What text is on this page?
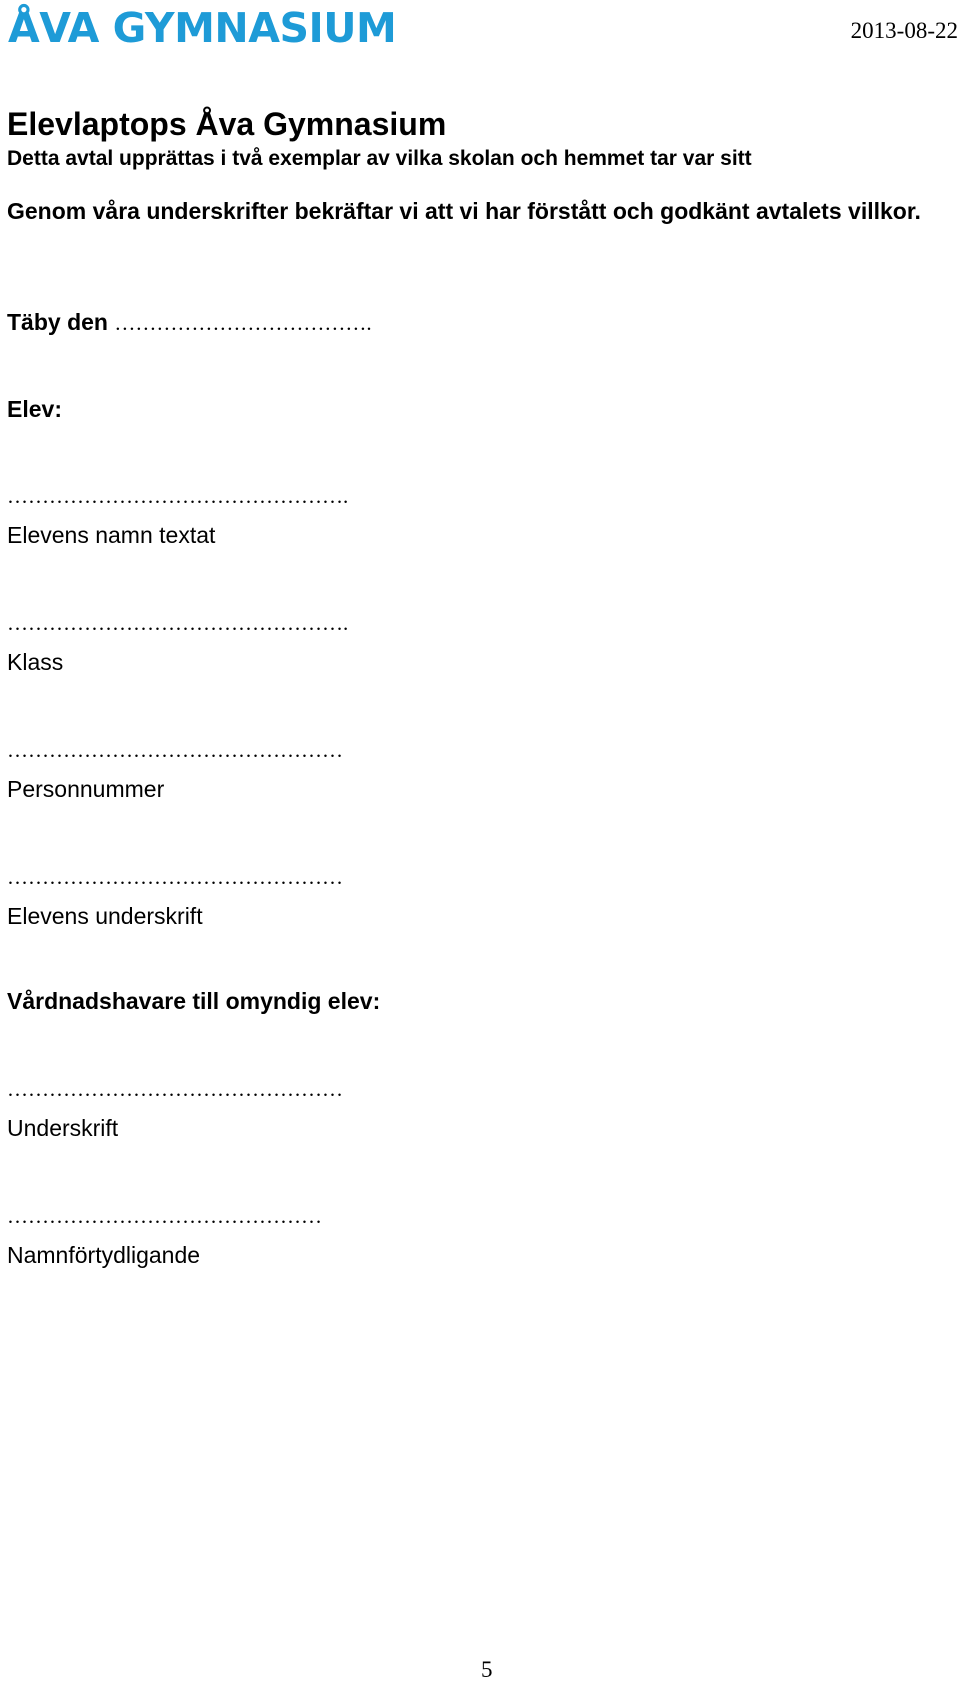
ÅVA GYMNASIUM	2013-08-22
Elevlaptops Åva Gymnasium
Detta avtal upprättas i två exemplar av vilka skolan och hemmet tar var sitt

Genom våra underskrifter bekräftar vi att vi har förstått och godkänt avtalets villkor.

Täby den ……………………………….
Elev:
………………………………………….
Elevens namn textat
………………………………………….
Klass
…………………………………………
Personnummer
…………………………………………
Elevens underskrift
Vårdnadshavare till omyndig elev:
…………………………………………
Underskrift
………………………………………
Namnförtydligande
5
